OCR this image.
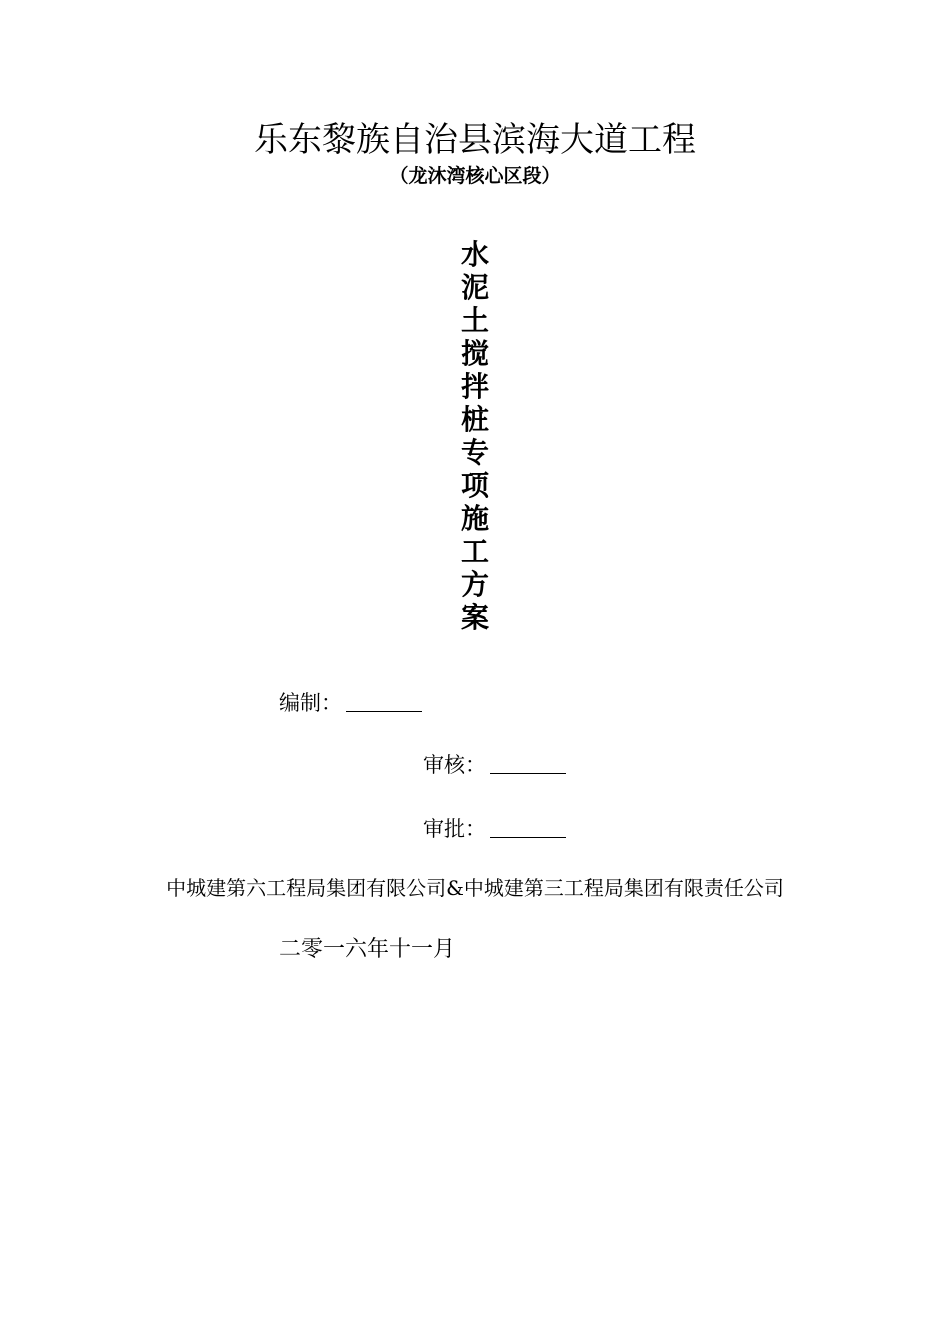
乐东黎族自治县滨海大道工程
（龙沐湾核心区段）
水
泥
土
搅
拌
桩
专
项
施
工
方
案
编制：
审核：
审批：
中城建第六工程局集团有限公司&中城建第三工程局集团有限责任公司
二零一六年十一月
